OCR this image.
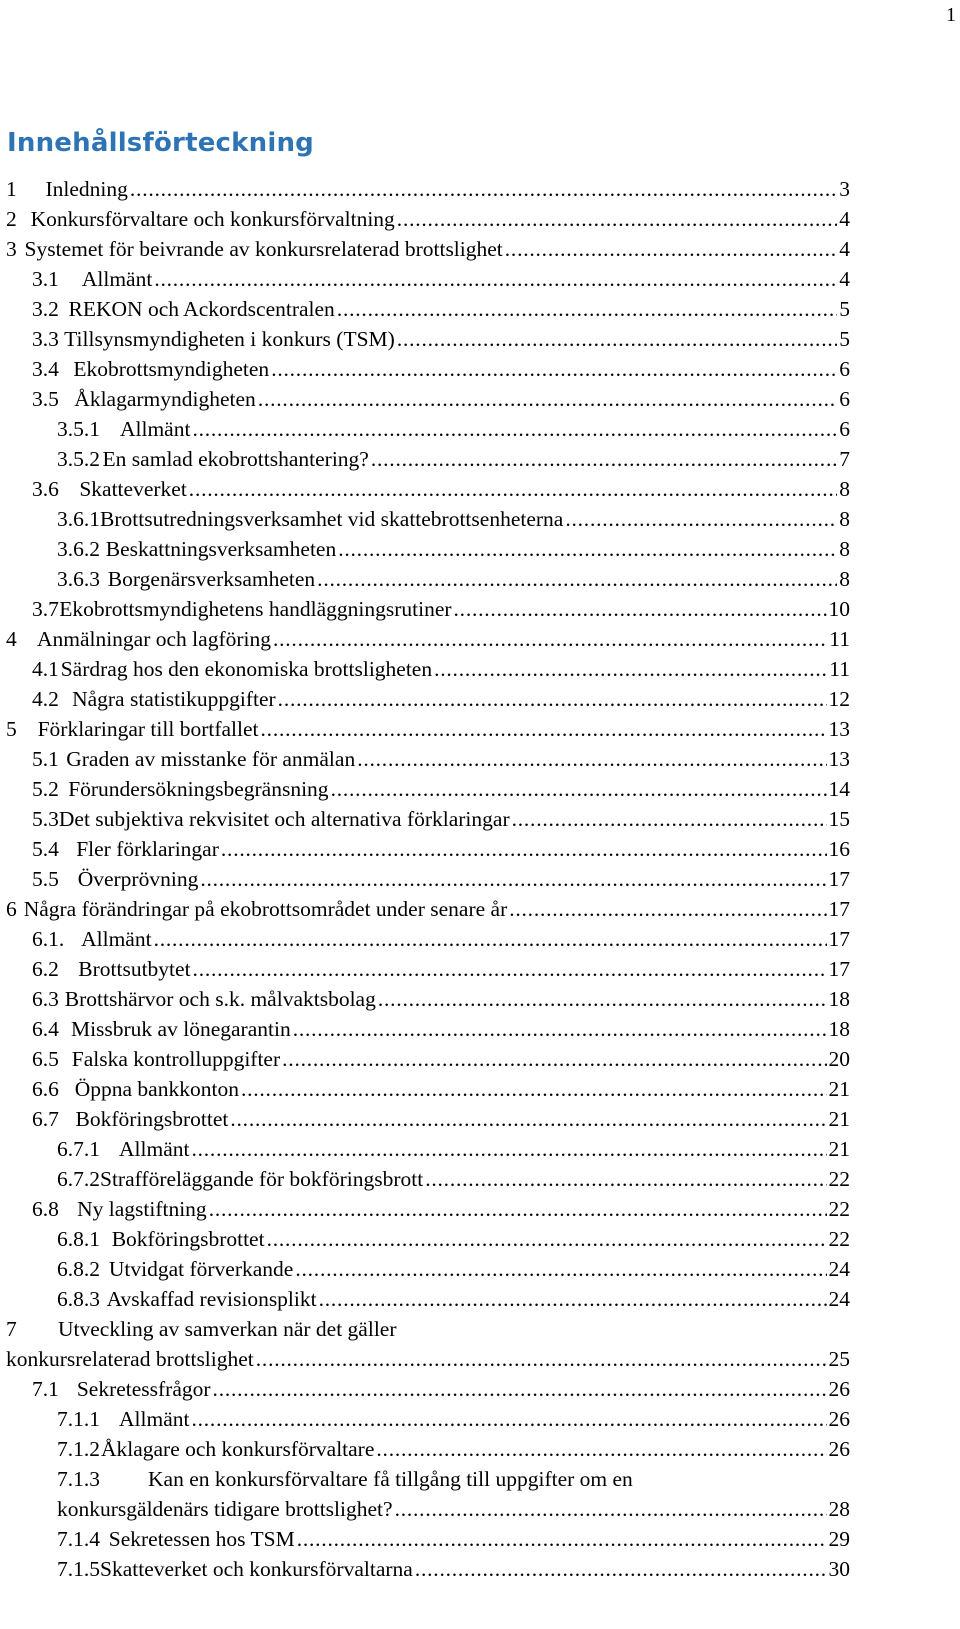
1
Innehållsförteckning
1	Inledning . . .	3
2 Konkursförvaltare och konkursförvaltning . . .	4
3 Systemet för beivrande av konkursrelaterad brottslighet . . .	4
3.1	Allmänt . . .	4
3.2 REKON och Ackordscentralen . . .	5
3.3 Tillsynsmyndigheten i konkurs (TSM) . . .	5
3.4 Ekobrottsmyndigheten . . .	6
3.5 Åklagarmyndigheten . . .	6
3.5.1 Allmänt . . .	6
3.5.2 En samlad ekobrottshantering? . . .	7
3.6 Skatteverket . . .	8
3.6.1 Brottsutredningsverksamhet vid skattebrottsenheterna . . .	8
3.6.2 Beskattningsverksamheten . . .	8
3.6.3 Borgenärsverksamheten . . .	8
3.7 Ekobrottsmyndighetens handläggningsrutiner . . .	10
4 Anmälningar och lagföring . . .	11
4.1 Särdrag hos den ekonomiska brottsligheten . . .	11
4.2 Några statistikuppgifter . . .	12
5 Förklaringar till bortfallet . . .	13
5.1 Graden av misstanke för anmälan . . .	13
5.2 Förundersökningsbegränsning . . .	14
5.3 Det subjektiva rekvisitet och alternativa förklaringar . . .	15
5.4 Fler förklaringar . . .	16
5.5 Överprövning . . .	17
6 Några förändringar på ekobrottsområdet under senare år . . .	17
6.1. Allmänt . . .	17
6.2 Brottsutbytet . . .	17
6.3 Brottshärvor och s.k. målvaktsbolag . . .	18
6.4 Missbruk av lönegarantin . . .	18
6.5 Falska kontrolluppgifter . . .	20
6.6 Öppna bankkonton . . .	21
6.7 Bokföringsbrottet . . .	21
6.7.1 Allmänt . . .	21
6.7.2 Strafföreläggande för bokföringsbrott . . .	22
6.8 Ny lagstiftning . . .	22
6.8.1 Bokföringsbrottet . . .	22
6.8.2 Utvidgat förverkande . . .	24
6.8.3 Avskaffad revisionsplikt . . .	24
7	Utveckling av samverkan när det gäller
konkursrelaterad brottslighet . . .	25
7.1 Sekretessfrågor . . .	26
7.1.1 Allmänt . . .	26
7.1.2 Åklagare och konkursförvaltare . . .	26
7.1.3	Kan en konkursförvaltare få tillgång till uppgifter om en
konkursgäldenärs tidigare brottslighet? . . .	28
7.1.4 Sekretessen hos TSM . . .	29
7.1.5 Skatteverket och konkursförvaltarna . . .	30
